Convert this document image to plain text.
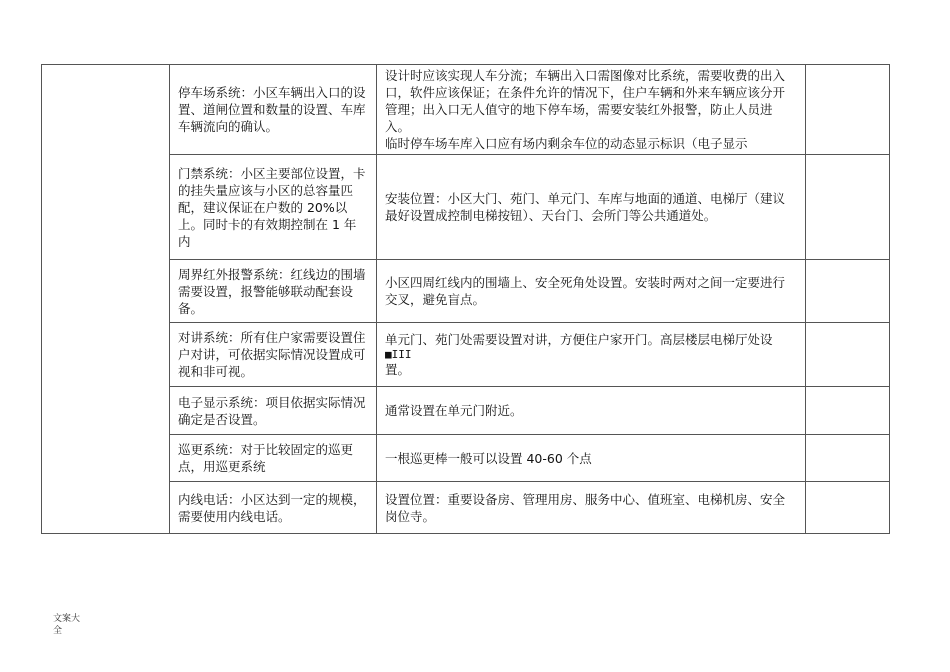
	停车场系统：小区车辆出入口的设置、道闸位置和数量的设置、车库车辆流向的确认。	设计时应该实现人车分流；车辆出入口需图像对比系统，需要收费的出入口，软件应该保证；在条件允许的情况下，住户车辆和外来车辆应该分开管理；出入口无人值守的地下停车场，需要安装红外报警，防止人员进入。
临时停车场车库入口应有场内剩余车位的动态显示标识（电子显示	

	门禁系统：小区主要部位设置，卡的挂失量应该与小区的总容量匹配，建议保证在户数的 20%以上。同时卡的有效期控制在 1 年内	安装位置：小区大门、苑门、单元门、车库与地面的通道、电梯厅（建议最好设置成控制电梯按钮）、天台门、会所门等公共通道处。	

	周界红外报警系统：红线边的围墙需要设置，报警能够联动配套设备。	小区四周红线内的围墙上、安全死角处设置。安装时两对之间一定要进行交叉，避免盲点。	

	对讲系统：所有住户家需要设置住户对讲，可依据实际情况设置成可视和非可视。	单元门、苑门处需要设置对讲，方便住户家开门。高层楼层电梯厅处设
■III
置。	

	电子显示系统：项目依据实际情况确定是否设置。	通常设置在单元门附近。	

	巡更系统：对于比较固定的巡更点，用巡更系统	一根巡更棒一般可以设置 40-60 个点	

	内线电话：小区达到一定的规模，需要使用内线电话。	设置位置：重要设备房、管理用房、服务中心、值班室、电梯机房、安全岗位寺。	

文案大全
